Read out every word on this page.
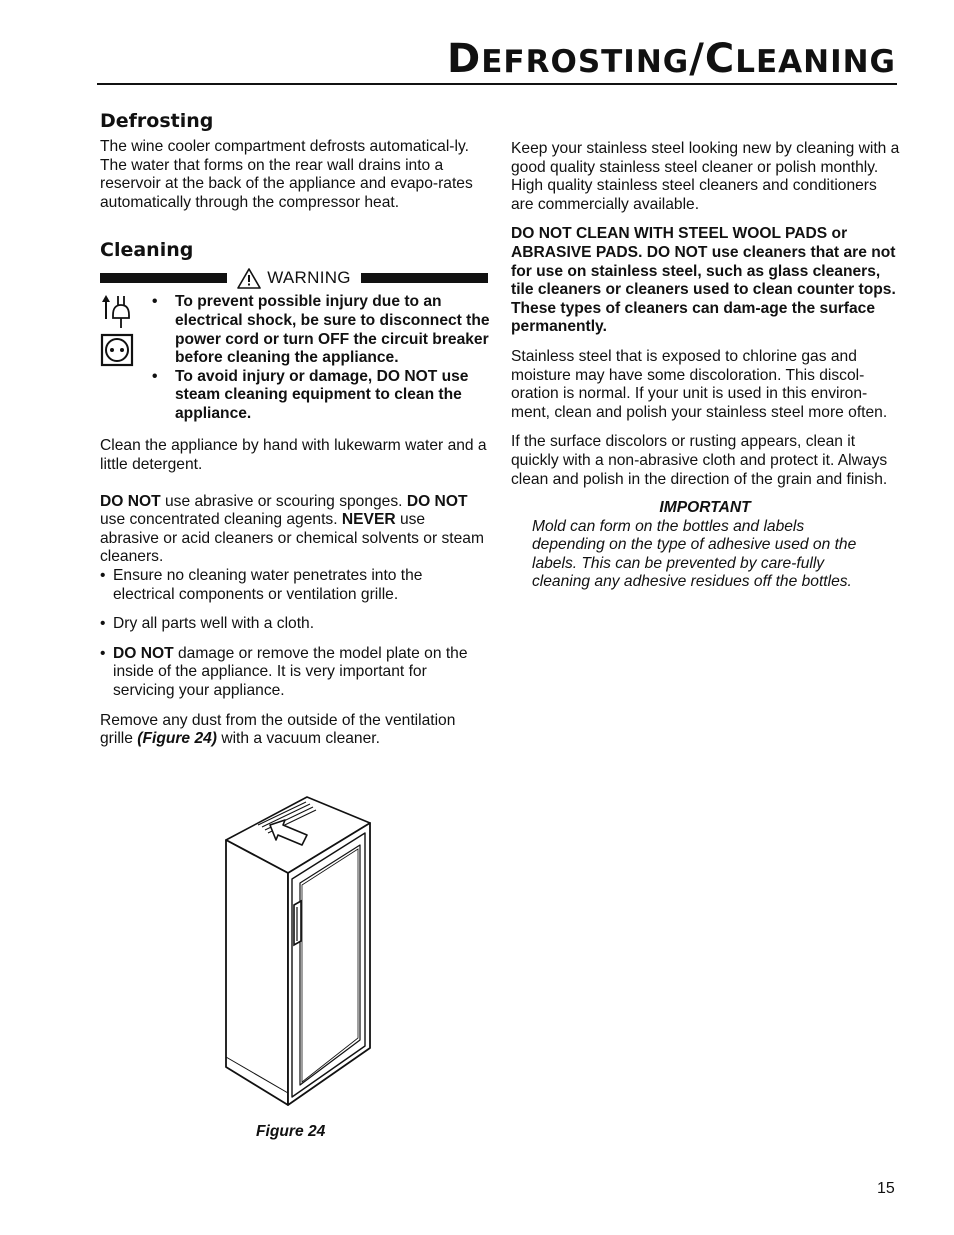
DEFROSTING/CLEANING
Defrosting

The wine cooler compartment defrosts automatical-ly. The water that forms on the rear wall drains into a reservoir at the back of the appliance and evapo-rates automatically through the compressor heat.

Cleaning
WARNING
• To prevent possible injury due to an electrical shock, be sure to disconnect the power cord or turn OFF the circuit breaker before cleaning the appliance.
• To avoid injury or damage, DO NOT use steam cleaning equipment to clean the appliance.

Clean the appliance by hand with lukewarm water and a little detergent.

DO NOT use abrasive or scouring sponges. DO NOT use concentrated cleaning agents. NEVER use abrasive or acid cleaners or chemical solvents or steam cleaners.

• Ensure no cleaning water penetrates into the electrical components or ventilation grille.
• Dry all parts well with a cloth.
• DO NOT damage or remove the model plate on the inside of the appliance. It is very important for servicing your appliance.

Remove any dust from the outside of the ventilation grille (Figure 24) with a vacuum cleaner.

Keep your stainless steel looking new by cleaning with a good quality stainless steel cleaner or polish monthly. High quality stainless steel cleaners and conditioners are commercially available.

DO NOT CLEAN WITH STEEL WOOL PADS or ABRASIVE PADS. DO NOT use cleaners that are not for use on stainless steel, such as glass cleaners, tile cleaners or cleaners used to clean counter tops. These types of cleaners can dam-age the surface permanently.

Stainless steel that is exposed to chlorine gas and moisture may have some discoloration. This discol-oration is normal. If your unit is used in this environ-ment, clean and polish your stainless steel more often.

If the surface discolors or rusting appears, clean it quickly with a non-abrasive cloth and protect it. Always clean and polish in the direction of the grain and finish.

IMPORTANT
Mold can form on the bottles and labels depending on the type of adhesive used on the labels. This can be prevented by care-fully cleaning any adhesive residues off the bottles.
Figure 24
15
